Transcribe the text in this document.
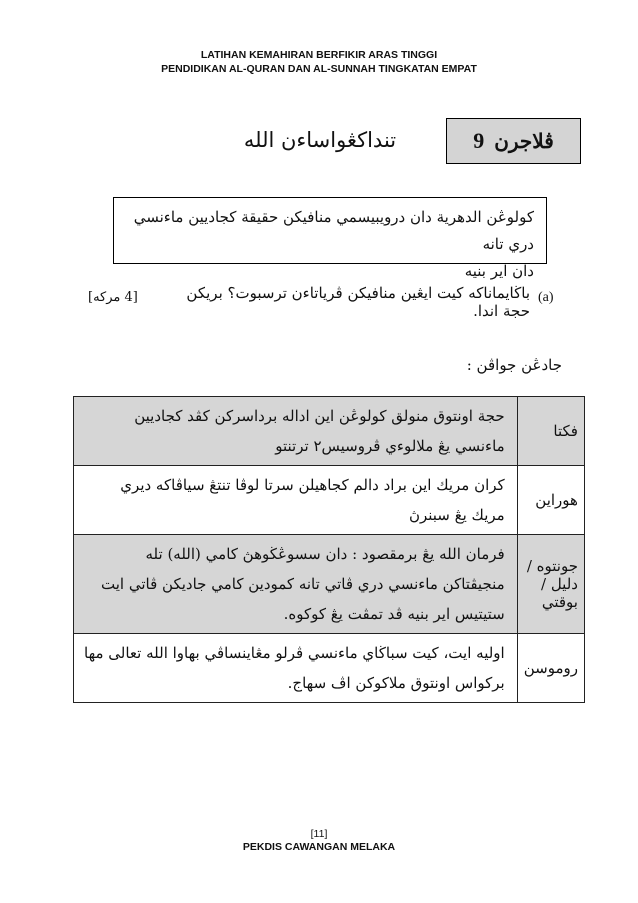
LATIHAN KEMAHIRAN BERFIKIR ARAS TINGGI
PENDIDIKAN AL-QURAN DAN AL-SUNNAH TINGKATAN EMPAT
9 ڤلاجرن
تنداكڠواساءن الله
كولوڠن الدهرية دان درويبيسمي منافيكن حقيقة كجاديين ماءنسي دري تانه
دان اير بنيه
(a)
باڬايماناكه كيت ايڠين منافيكن ڤرياتاءن ترسبوت؟ بريكن حجة اندا.
[4 مركه]
جادڠن جواڤن :
فكتا	حجة اونتوق منولق كولوڠن اين اداله برداسركن كڤد كجاديين
ماءنسي يڠ ملالوءي ڤروسيس٢ ترتنتو

هوراين	كران مريك اين براد دالم كجاهيلن سرتا لوڤا تنتڠ سياڤاكه ديري
مريك يڠ سبنرڽ

جونتوه / دليل / بوقتي	فرمان الله يڠ برمقصود : دان سسوڠڬوهڽ كامي (الله) تله
منجيڤتاكن ماءنسي دري ڤاتي تانه كمودين كامي جاديكن ڤاتي ايت
ستيتيس اير بنيه ڤد تمڤت يڠ كوكوه.

روموسن	اوليه ايت، كيت سباڬاي ماءنسي ڤرلو مڠاينساڤي بهاوا الله تعالى مها
بركواس اونتوق ملاكوكن اڤ سهاج.
[11]
PEKDIS CAWANGAN MELAKA
